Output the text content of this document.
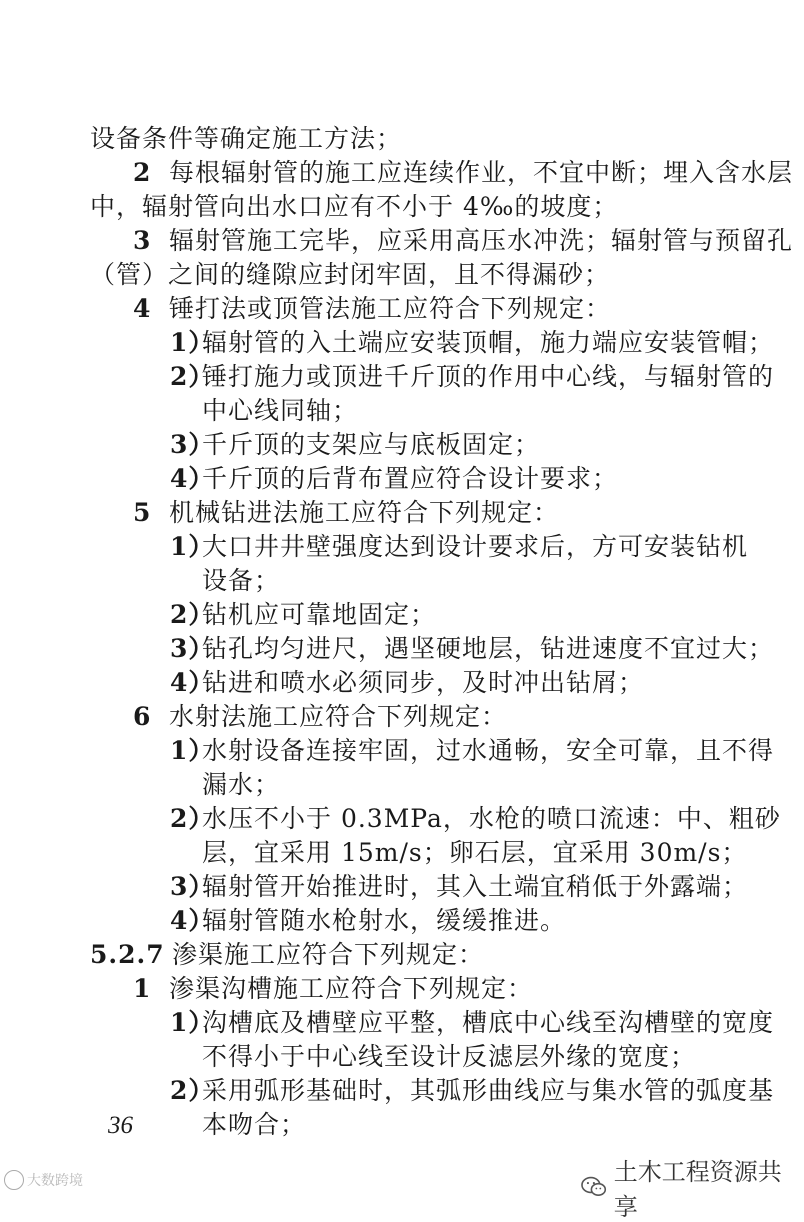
设备条件等确定施工方法；
2 每根辐射管的施工应连续作业，不宜中断；埋入含水层
中，辐射管向出水口应有不小于 4‰的坡度；
3 辐射管施工完毕，应采用高压水冲洗；辐射管与预留孔
（管）之间的缝隙应封闭牢固，且不得漏砂；
4 锤打法或顶管法施工应符合下列规定：
1）辐射管的入土端应安装顶帽，施力端应安装管帽；
2）锤打施力或顶进千斤顶的作用中心线，与辐射管的
中心线同轴；
3）千斤顶的支架应与底板固定；
4）千斤顶的后背布置应符合设计要求；
5 机械钻进法施工应符合下列规定：
1）大口井井壁强度达到设计要求后，方可安装钻机
设备；
2）钻机应可靠地固定；
3）钻孔均匀进尺，遇坚硬地层，钻进速度不宜过大；
4）钻进和喷水必须同步，及时冲出钻屑；
6 水射法施工应符合下列规定：
1）水射设备连接牢固，过水通畅，安全可靠，且不得
漏水；
2）水压不小于 0.3MPa，水枪的喷口流速：中、粗砂
层，宜采用 15m/s；卵石层，宜采用 30m/s；
3）辐射管开始推进时，其入土端宜稍低于外露端；
4）辐射管随水枪射水，缓缓推进。
5.2.7 渗渠施工应符合下列规定：
1 渗渠沟槽施工应符合下列规定：
1）沟槽底及槽壁应平整，槽底中心线至沟槽壁的宽度
不得小于中心线至设计反滤层外缘的宽度；
2）采用弧形基础时，其弧形曲线应与集水管的弧度基
本吻合；
36
大数跨境	土木工程资源共享
